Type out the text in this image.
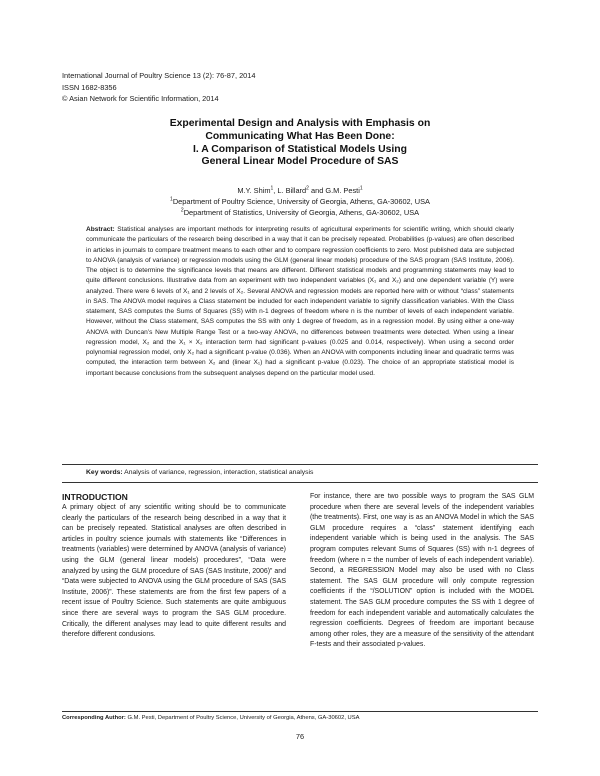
International Journal of Poultry Science 13 (2): 76-87, 2014
ISSN 1682-8356
© Asian Network for Scientific Information, 2014
Experimental Design and Analysis with Emphasis on
Communicating What Has Been Done:
I. A Comparison of Statistical Models Using
General Linear Model Procedure of SAS
M.Y. Shim$^1$, L. Billard$^2$ and G.M. Pesti$^1$
$^1$Department of Poultry Science, University of Georgia, Athens, GA-30602, USA
$^2$Department of Statistics, University of Georgia, Athens, GA-30602, USA
Abstract: Statistical analyses are important methods for interpreting results of agricultural experiments for scientific writing, which should clearly communicate the particulars of the research being described in a way that it can be precisely repeated. Probabilities (p-values) are often described in articles in journals to compare treatment means to each other and to compare regression coefficients to zero. Most published data are subjected to ANOVA (analysis of variance) or regression models using the GLM (general linear models) procedure of the SAS program (SAS Institute, 2006). The object is to determine the significance levels that means are different. Different statistical models and programming statements may lead to quite different conclusions. Illustrative data from an experiment with two independent variables (X₁ and X₂) and one dependent variable (Y) were analyzed. There were 6 levels of X₁ and 2 levels of X₂. Several ANOVA and regression models are reported here with or without “class” statements in SAS. The ANOVA model requires a Class statement be included for each independent variable to signify classification variables. With the Class statement, SAS computes the Sums of Squares (SS) with n-1 degrees of freedom where n is the number of levels of each independent variable. However, without the Class statement, SAS computes the SS with only 1 degree of freedom, as in a regression model. By using either a one-way ANOVA with Duncan’s New Multiple Range Test or a two-way ANOVA, no differences between treatments were detected. When using a linear regression model, X₂ and the X₁ × X₂ interaction term had significant p-values (0.025 and 0.014, respectively). When using a second order polynomial regression model, only X₂ had a significant p-value (0.036). When an ANOVA with components including linear and quadratic terms was computed, the interaction term between X₂ and (linear X₁) had a significant p-value (0.023). The choice of an appropriate statistical model is important because conclusions from the subsequent analyses depend on the particular model used.
Key words: Analysis of variance, regression, interaction, statistical analysis
INTRODUCTION
A primary object of any scientific writing should be to communicate clearly the particulars of the research being described in a way that it can be precisely repeated. Statistical analyses are often described in articles in poultry science journals with statements like “Differences in treatments (variables) were determined by ANOVA (analysis of variance) using the GLM (general linear models) procedures”, “Data were analyzed by using the GLM procedure of SAS (SAS Institute, 2006)” and “Data were subjected to ANOVA using the GLM procedure of SAS (SAS Institute, 2006)”. These statements are from the first few papers of a recent issue of Poultry Science. Such statements are quite ambiguous since there are several ways to program the SAS GLM procedure. Critically, the different analyses may lead to quite different results and therefore different condusions.
For instance, there are two possible ways to program the SAS GLM procedure when there are several levels of the independent variables (the treatments). First, one way is as an ANOVA Model in which the SAS GLM procedure requires a “class” statement identifying each independent variable which is being used in the analysis. The SAS program computes relevant Sums of Squares (SS) with n-1 degrees of freedom (where n = the number of levels of each independent variable). Second, a REGRESSION Model may also be used with no Class statement. The SAS GLM procedure will only compute regression coefficients if the “/SOLUTION” option is included with the MODEL statement. The SAS GLM procedure computes the SS with 1 degree of freedom for each independent variable and automatically calculates the regression coefficients. Degrees of freedom are important because among other roles, they are a measure of the sensitivity of the attendant F-tests and their associated p-values.
Corresponding Author: G.M. Pesti, Department of Poultry Science, University of Georgia, Athens, GA-30602, USA
76
